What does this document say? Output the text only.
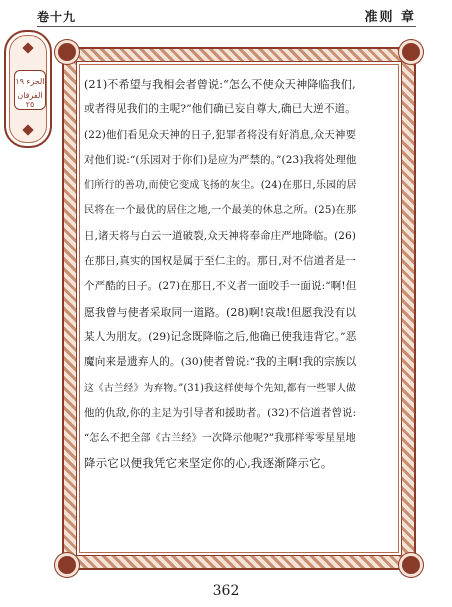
卷十九	准则 章
الجزء ١٩
الفرقان ٢٥

(21)不希望与我相会者曾说:“怎么不使众天神降临我们,

或者得见我们的主呢?”他们确已妄自尊大,确已大逆不道。

(22)他们看见众天神的日子,犯罪者将没有好消息,众天神要

对他们说:“(乐园对于你们)是应为严禁的。”(23)我将处理他

们所行的善功,而使它变成飞扬的灰尘。(24)在那日,乐园的居

民将在一个最优的居住之地,一个最美的休息之所。(25)在那

日,诸天将与白云一道破裂,众天神将奉命庄严地降临。(26)

在那日,真实的国权是属于至仁主的。那日,对不信道者是一

个严酷的日子。(27)在那日,不义者一面咬手一面说:“啊!但

愿我曾与使者采取同一道路。(28)啊!哀哉!但愿我没有以

某人为朋友。(29)记念既降临之后,他确已使我违背它。”恶

魔向来是遗弃人的。(30)使者曾说:“我的主啊!我的宗族以

这《古兰经》为弃物。”(31)我这样使每个先知,都有一些罪人做

他的仇敌,你的主足为引导者和援助者。(32)不信道者曾说:

“怎么不把全部《古兰经》一次降示他呢?”我那样零零星星地

降示它以便我凭它来坚定你的心,我逐渐降示它。

362
